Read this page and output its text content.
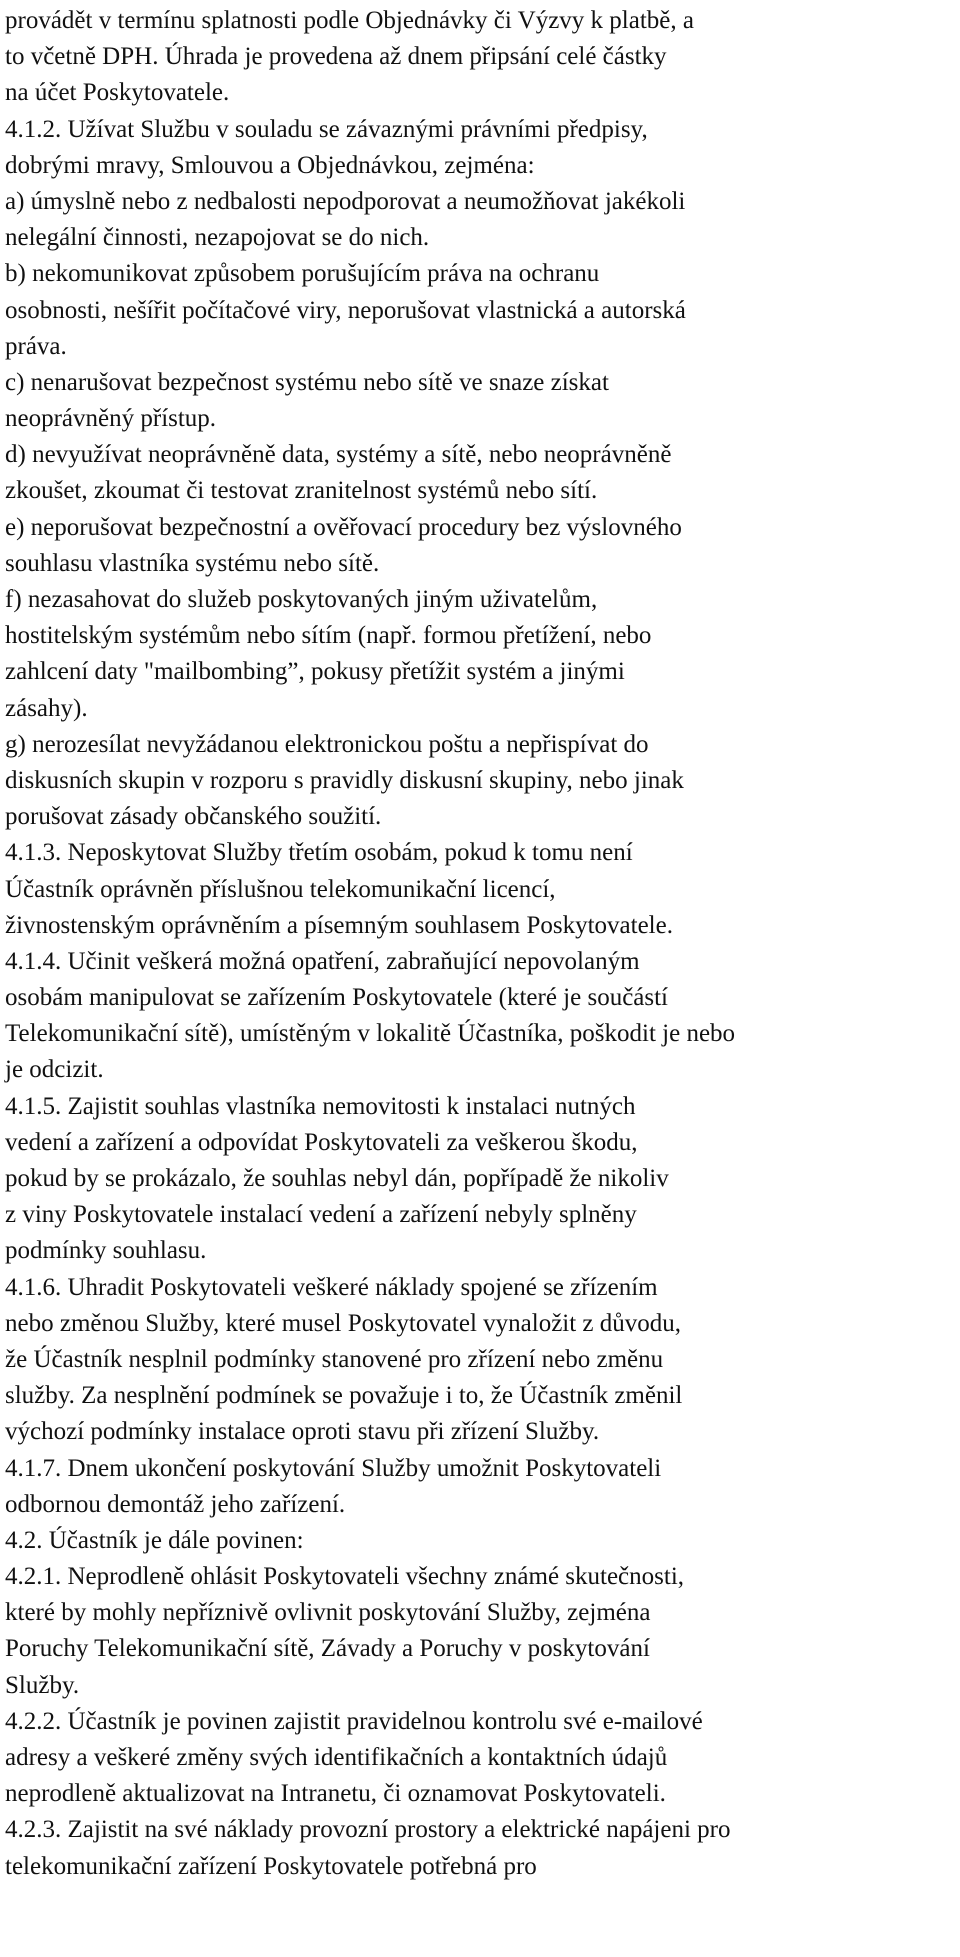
provádět v termínu splatnosti podle Objednávky či Výzvy k platbě, a
to včetně DPH. Úhrada je provedena až dnem připsání celé částky
na účet Poskytovatele.
4.1.2. Užívat Službu v souladu se závaznými právními předpisy,
dobrými mravy, Smlouvou a Objednávkou, zejména:
a) úmyslně nebo z nedbalosti nepodporovat a neumožňovat jakékoli
nelegální činnosti, nezapojovat se do nich.
b) nekomunikovat způsobem porušujícím práva na ochranu
osobnosti, nešířit počítačové viry, neporušovat vlastnická a autorská
práva.
c) nenarušovat bezpečnost systému nebo sítě ve snaze získat
neoprávněný přístup.
d) nevyužívat neoprávněně data, systémy a sítě, nebo neoprávněně
zkoušet, zkoumat či testovat zranitelnost systémů nebo sítí.
e) neporušovat bezpečnostní a ověřovací procedury bez výslovného
souhlasu vlastníka systému nebo sítě.
f) nezasahovat do služeb poskytovaných jiným uživatelům,
hostitelským systémům nebo sítím (např. formou přetížení, nebo
zahlcení daty "mailbombing”, pokusy přetížit systém a jinými
zásahy).
g) nerozesílat nevyžádanou elektronickou poštu a nepřispívat do
diskusních skupin v rozporu s pravidly diskusní skupiny, nebo jinak
porušovat zásady občanského soužití.
4.1.3. Neposkytovat Služby třetím osobám, pokud k tomu není
Účastník oprávněn příslušnou telekomunikační licencí,
živnostenským oprávněním a písemným souhlasem Poskytovatele.
4.1.4. Učinit veškerá možná opatření, zabraňující nepovolaným
osobám manipulovat se zařízením Poskytovatele (které je součástí
Telekomunikační sítě), umístěným v lokalitě Účastníka, poškodit je nebo
je odcizit.
4.1.5. Zajistit souhlas vlastníka nemovitosti k instalaci nutných
vedení a zařízení a odpovídat Poskytovateli za veškerou škodu,
pokud by se prokázalo, že souhlas nebyl dán, popřípadě že nikoliv
z viny Poskytovatele instalací vedení a zařízení nebyly splněny
podmínky souhlasu.
4.1.6. Uhradit Poskytovateli veškeré náklady spojené se zřízením
nebo změnou Služby, které musel Poskytovatel vynaložit z důvodu,
že Účastník nesplnil podmínky stanovené pro zřízení nebo změnu
služby. Za nesplnění podmínek se považuje i to, že Účastník změnil
výchozí podmínky instalace oproti stavu při zřízení Služby.
4.1.7. Dnem ukončení poskytování Služby umožnit Poskytovateli
odbornou demontáž jeho zařízení.
4.2. Účastník je dále povinen:
4.2.1. Neprodleně ohlásit Poskytovateli všechny známé skutečnosti,
které by mohly nepříznivě ovlivnit poskytování Služby, zejména
Poruchy Telekomunikační sítě, Závady a Poruchy v poskytování
Služby.
4.2.2. Účastník je povinen zajistit pravidelnou kontrolu své e-mailové
adresy a veškeré změny svých identifikačních a kontaktních údajů
neprodleně aktualizovat na Intranetu, či oznamovat Poskytovateli.
4.2.3. Zajistit na své náklady provozní prostory a elektrické napájeni pro
telekomunikační zařízení Poskytovatele potřebná pro
